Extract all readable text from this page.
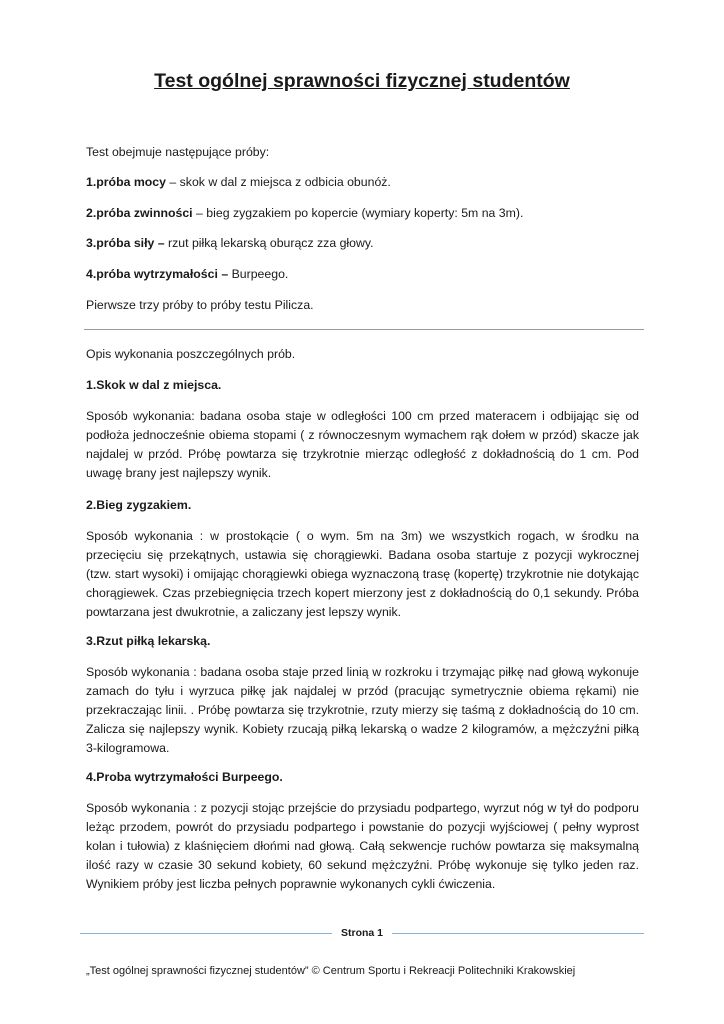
Test ogólnej sprawności fizycznej studentów

Test obejmuje następujące próby:

1.próba mocy – skok w dal z miejsca z odbicia obunóż.

2.próba zwinności – bieg zygzakiem po kopercie (wymiary koperty: 5m na 3m).

3.próba siły – rzut piłką lekarską oburącz zza głowy.

4.próba wytrzymałości – Burpeego.

Pierwsze trzy próby to próby testu Pilicza.

Opis wykonania poszczególnych prób.

1.Skok w dal z miejsca.

Sposób wykonania: badana osoba staje w odległości 100 cm przed materacem i odbijając się od podłoża jednocześnie obiema stopami ( z równoczesnym wymachem rąk dołem w przód) skacze jak najdalej w przód. Próbę powtarza się trzykrotnie mierząc odległość z dokładnością do 1 cm. Pod uwagę brany jest najlepszy wynik.

2.Bieg zygzakiem.

Sposób wykonania : w prostokącie ( o wym. 5m na 3m) we wszystkich rogach, w środku na przecięciu się przekątnych, ustawia się chorągiewki. Badana osoba startuje z pozycji wykrocznej (tzw. start wysoki) i omijając chorągiewki obiega wyznaczoną trasę (kopertę) trzykrotnie nie dotykając chorągiewek. Czas przebiegnięcia trzech kopert mierzony jest z dokładnością do 0,1 sekundy. Próba powtarzana jest dwukrotnie, a zaliczany jest lepszy wynik.

3.Rzut piłką lekarską.

Sposób wykonania : badana osoba staje przed linią w rozkroku i trzymając piłkę nad głową wykonuje zamach do tyłu i wyrzuca piłkę jak najdalej w przód (pracując symetrycznie obiema rękami) nie przekraczając linii. . Próbę powtarza się trzykrotnie, rzuty mierzy się taśmą z dokładnością do 10 cm. Zalicza się najlepszy wynik. Kobiety rzucają piłką lekarską o wadze 2 kilogramów, a mężczyźni piłką 3-kilogramowa.

4.Proba wytrzymałości Burpeego.

Sposób wykonania : z pozycji stojąc przejście do przysiadu podpartego, wyrzut nóg w tył do podporu leżąc przodem, powrót do przysiadu podpartego i powstanie do pozycji wyjściowej ( pełny wyprost kolan i tułowia) z klaśnięciem dłońmi nad głową. Całą sekwencje ruchów powtarza się maksymalną ilość razy w czasie 30 sekund kobiety, 60 sekund mężczyźni. Próbę wykonuje się tylko jeden raz. Wynikiem próby jest liczba pełnych poprawnie wykonanych cykli ćwiczenia.

Strona 1
„Test ogólnej sprawności fizycznej studentów” © Centrum Sportu i Rekreacji Politechniki Krakowskiej
